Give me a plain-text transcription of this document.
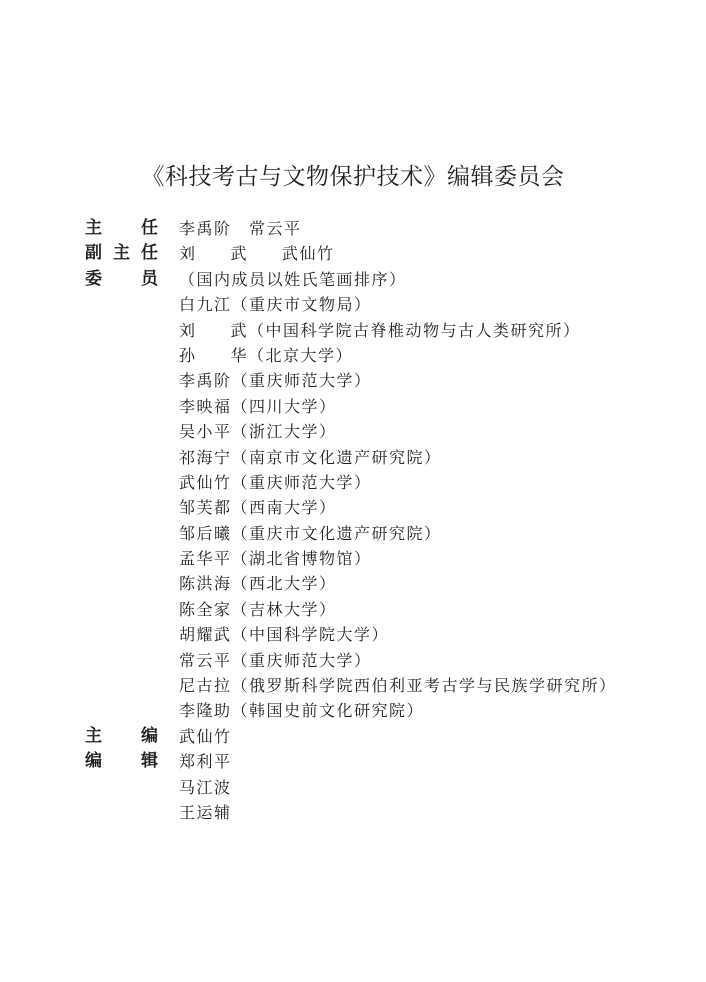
《科技考古与文物保护技术》编辑委员会
主 任 李禹阶　常云平
副 主 任 刘 武 武仙竹
委 员 （国内成员以姓氏笔画排序）
白九江（重庆市文物局）
刘 武（中国科学院古脊椎动物与古人类研究所）
孙 华（北京大学）
李禹阶（重庆师范大学）
李映福（四川大学）
吴小平（浙江大学）
祁海宁（南京市文化遗产研究院）
武仙竹（重庆师范大学）
邹芙都（西南大学）
邹后曦（重庆市文化遗产研究院）
孟华平（湖北省博物馆）
陈洪海（西北大学）
陈全家（吉林大学）
胡耀武（中国科学院大学）
常云平（重庆师范大学）
尼古拉（俄罗斯科学院西伯利亚考古学与民族学研究所）
李隆助（韩国史前文化研究院）
主 编 武仙竹
编 辑 郑利平
马江波
王运辅
